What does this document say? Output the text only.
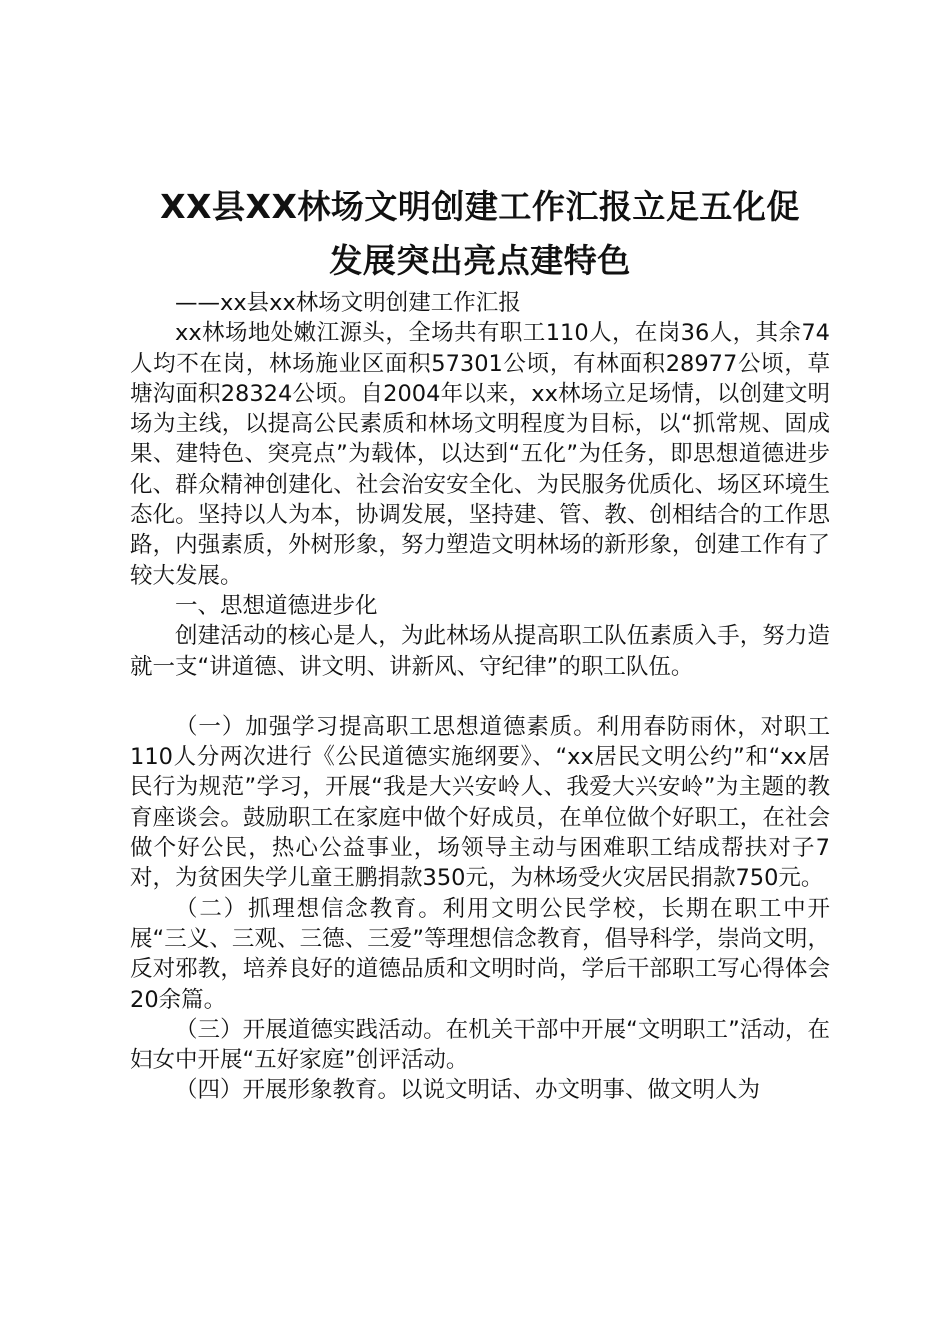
XX县XX林场文明创建工作汇报立足五化促
发展突出亮点建特色

——xx县xx林场文明创建工作汇报

xx林场地处嫩江源头，全场共有职工110人，在岗36人，其余74人均不在岗，林场施业区面积57301公顷，有林面积28977公顷，草塘沟面积28324公顷。自2004年以来，xx林场立足场情，以创建文明场为主线，以提高公民素质和林场文明程度为目标，以“抓常规、固成果、建特色、突亮点”为载体，以达到“五化”为任务，即思想道德进步化、群众精神创建化、社会治安安全化、为民服务优质化、场区环境生态化。坚持以人为本，协调发展，坚持建、管、教、创相结合的工作思路，内强素质，外树形象，努力塑造文明林场的新形象，创建工作有了较大发展。

一、思想道德进步化

创建活动的核心是人，为此林场从提高职工队伍素质入手，努力造就一支“讲道德、讲文明、讲新风、守纪律”的职工队伍。

（一）加强学习提高职工思想道德素质。利用春防雨休，对职工110人分两次进行《公民道德实施纲要》、“xx居民文明公约”和“xx居民行为规范”学习，开展“我是大兴安岭人、我爱大兴安岭”为主题的教育座谈会。鼓励职工在家庭中做个好成员，在单位做个好职工，在社会做个好公民，热心公益事业，场领导主动与困难职工结成帮扶对子7对，为贫困失学儿童王鹏捐款350元，为林场受火灾居民捐款750元。

（二）抓理想信念教育。利用文明公民学校，长期在职工中开展“三义、三观、三德、三爱”等理想信念教育，倡导科学，崇尚文明，反对邪教，培养良好的道德品质和文明时尚，学后干部职工写心得体会20余篇。

（三）开展道德实践活动。在机关干部中开展“文明职工”活动，在妇女中开展“五好家庭”创评活动。

（四）开展形象教育。以说文明话、办文明事、做文明人为
